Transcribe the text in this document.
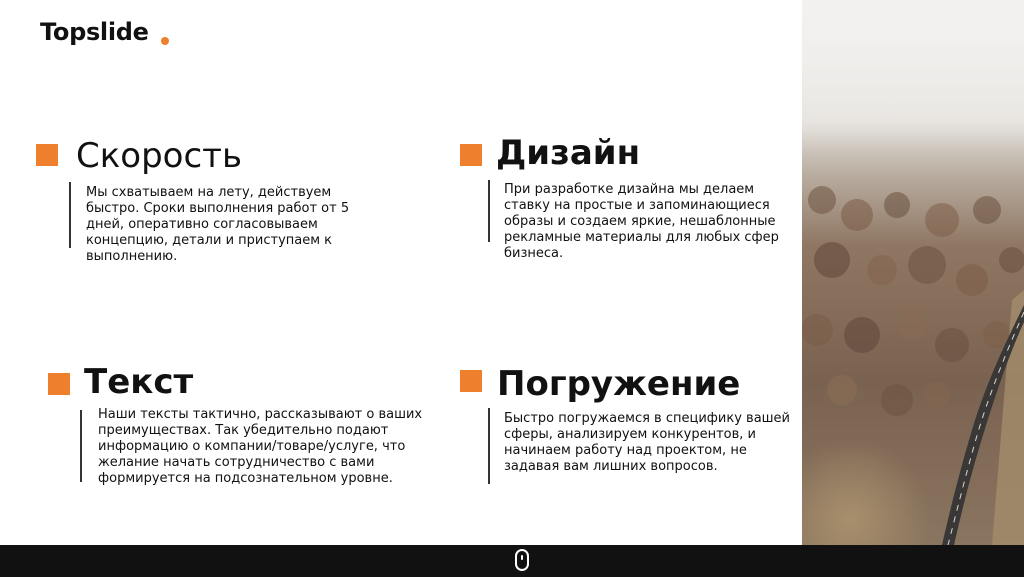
Topslide
Скорость
Мы схватываем на лету, действуем быстро. Сроки выполнения работ от 5 дней, оперативно согласовываем концепцию, детали и приступаем к выполнению.
Дизайн
При разработке дизайна мы делаем ставку на простые и запоминающиеся образы и создаем яркие, нешаблонные рекламные материалы для любых сфер бизнеса.
Текст
Наши тексты тактично, рассказывают о ваших преимуществах. Так убедительно подают информацию о компании/товаре/услуге, что желание начать сотрудничество с вами формируется на подсознательном уровне.
Погружение
Быстро погружаемся в специфику вашей сферы, анализируем конкурентов, и начинаем работу над проектом, не задавая вам лишних вопросов.
